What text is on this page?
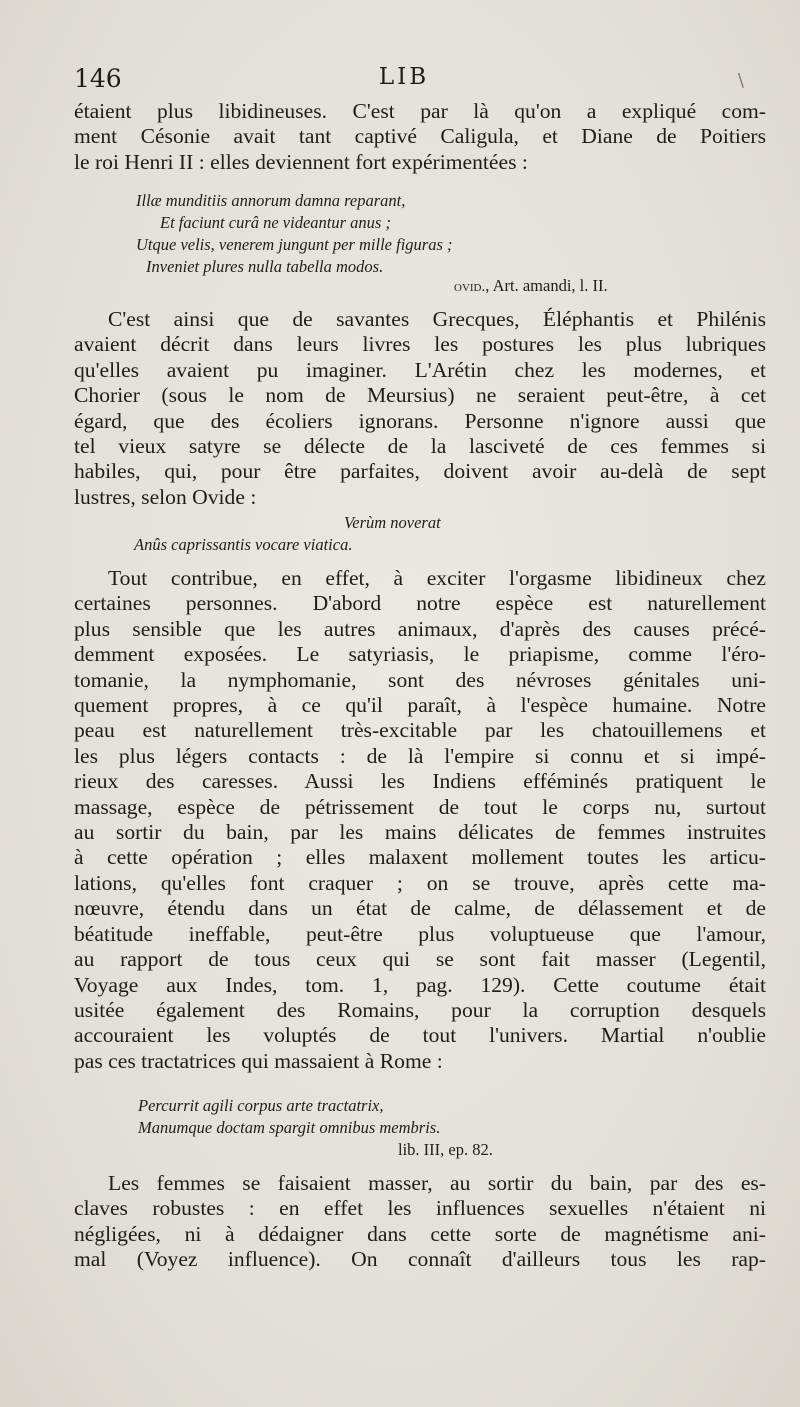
146	LIB	\
étaient plus libidineuses. C'est par là qu'on a expliqué com-
ment Césonie avait tant captivé Caligula, et Diane de Poitiers
le roi Henri II : elles deviennent fort expérimentées :
Illæ munditiis annorum damna reparant,
Et faciunt curâ ne videantur anus ;
Utque velis, venerem jungunt per mille figuras ;
Inveniet plures nulla tabella modos.
ovid., Art. amandi, l. II.
C'est ainsi que de savantes Grecques, Éléphantis et Philénis
avaient décrit dans leurs livres les postures les plus lubriques
qu'elles avaient pu imaginer. L'Arétin chez les modernes, et
Chorier (sous le nom de Meursius) ne seraient peut-être, à cet
égard, que des écoliers ignorans. Personne n'ignore aussi que
tel vieux satyre se délecte de la lasciveté de ces femmes si
habiles, qui, pour être parfaites, doivent avoir au-delà de sept
lustres, selon Ovide :
Verùm noverat
Anûs caprissantis vocare viatica.
Tout contribue, en effet, à exciter l'orgasme libidineux chez
certaines personnes. D'abord notre espèce est naturellement
plus sensible que les autres animaux, d'après des causes précé-
demment exposées. Le satyriasis, le priapisme, comme l'éro-
tomanie, la nymphomanie, sont des névroses génitales uni-
quement propres, à ce qu'il paraît, à l'espèce humaine. Notre
peau est naturellement très-excitable par les chatouillemens et
les plus légers contacts : de là l'empire si connu et si impé-
rieux des caresses. Aussi les Indiens efféminés pratiquent le
massage, espèce de pétrissement de tout le corps nu, surtout
au sortir du bain, par les mains délicates de femmes instruites
à cette opération ; elles malaxent mollement toutes les articu-
lations, qu'elles font craquer ; on se trouve, après cette ma-
nœuvre, étendu dans un état de calme, de délassement et de
béatitude ineffable, peut-être plus voluptueuse que l'amour,
au rapport de tous ceux qui se sont fait masser (Legentil,
Voyage aux Indes, tom. 1, pag. 129). Cette coutume était
usitée également des Romains, pour la corruption desquels
accouraient les voluptés de tout l'univers. Martial n'oublie
pas ces tractatrices qui massaient à Rome :
Percurrit agili corpus arte tractatrix,
Manumque doctam spargit omnibus membris.
lib. III, ep. 82.
Les femmes se faisaient masser, au sortir du bain, par des es-
claves robustes : en effet les influences sexuelles n'étaient ni
négligées, ni à dédaigner dans cette sorte de magnétisme ani-
mal (Voyez influence). On connaît d'ailleurs tous les rap-
